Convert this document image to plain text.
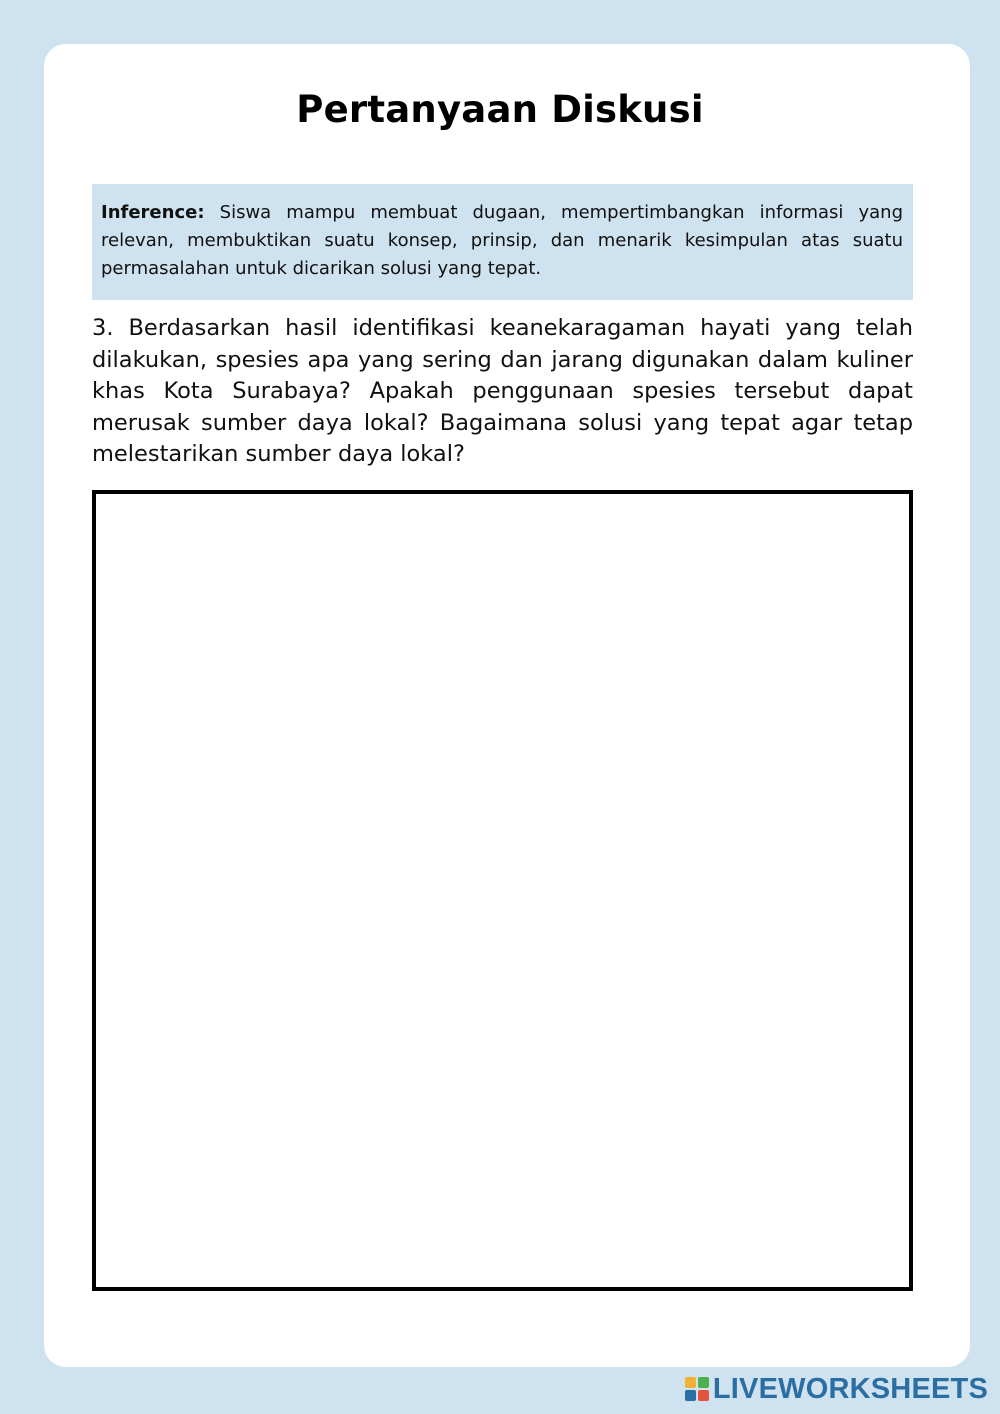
Pertanyaan Diskusi
Inference: Siswa mampu membuat dugaan, mempertimbangkan informasi yang relevan, membuktikan suatu konsep, prinsip, dan menarik kesimpulan atas suatu permasalahan untuk dicarikan solusi yang tepat.
3. Berdasarkan hasil identifikasi keanekaragaman hayati yang telah dilakukan, spesies apa yang sering dan jarang digunakan dalam kuliner khas Kota Surabaya? Apakah penggunaan spesies tersebut dapat merusak sumber daya lokal? Bagaimana solusi yang tepat agar tetap melestarikan sumber daya lokal?
LIVEWORKSHEETS
